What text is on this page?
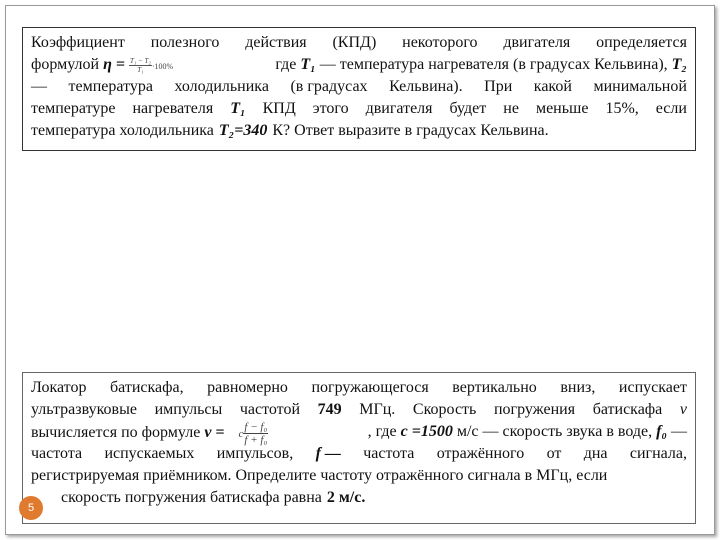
Коэффициент полезного действия (КПД) некоторого двигателя определяется
формулой $\eta = \frac{\text{T₁ − T₂}}{\text{T₁}} \cdot 100\%$	где T₁ — температура нагревателя (в градусах Кельвина), T₂
— температура холодильника (в градусах Кельвина). При какой минимальной
температуре нагревателя T₁ КПД этого двигателя будет не меньше 15%, если
температура холодильника T₂=340 К? Ответ выразите в градусах Кельвина.
Локатор батискафа, равномерно погружающегося вертикально вниз, испускает
ультразвуковые импульсы частотой 749 МГц. Скорость погружения батискафа v
вычисляется по формуле v = c $\frac{\text{f − f₀}}{\text{f + f₀}}$	, где c =1500 м/с — скорость звука в воде, f₀ —
частота испускаемых импульсов, f — частота отражённого от дна сигнала,
регистрируемая приёмником. Определите частоту отражённого сигнала в МГц, если
скорость погружения батискафа равна 2 м/с.
5
